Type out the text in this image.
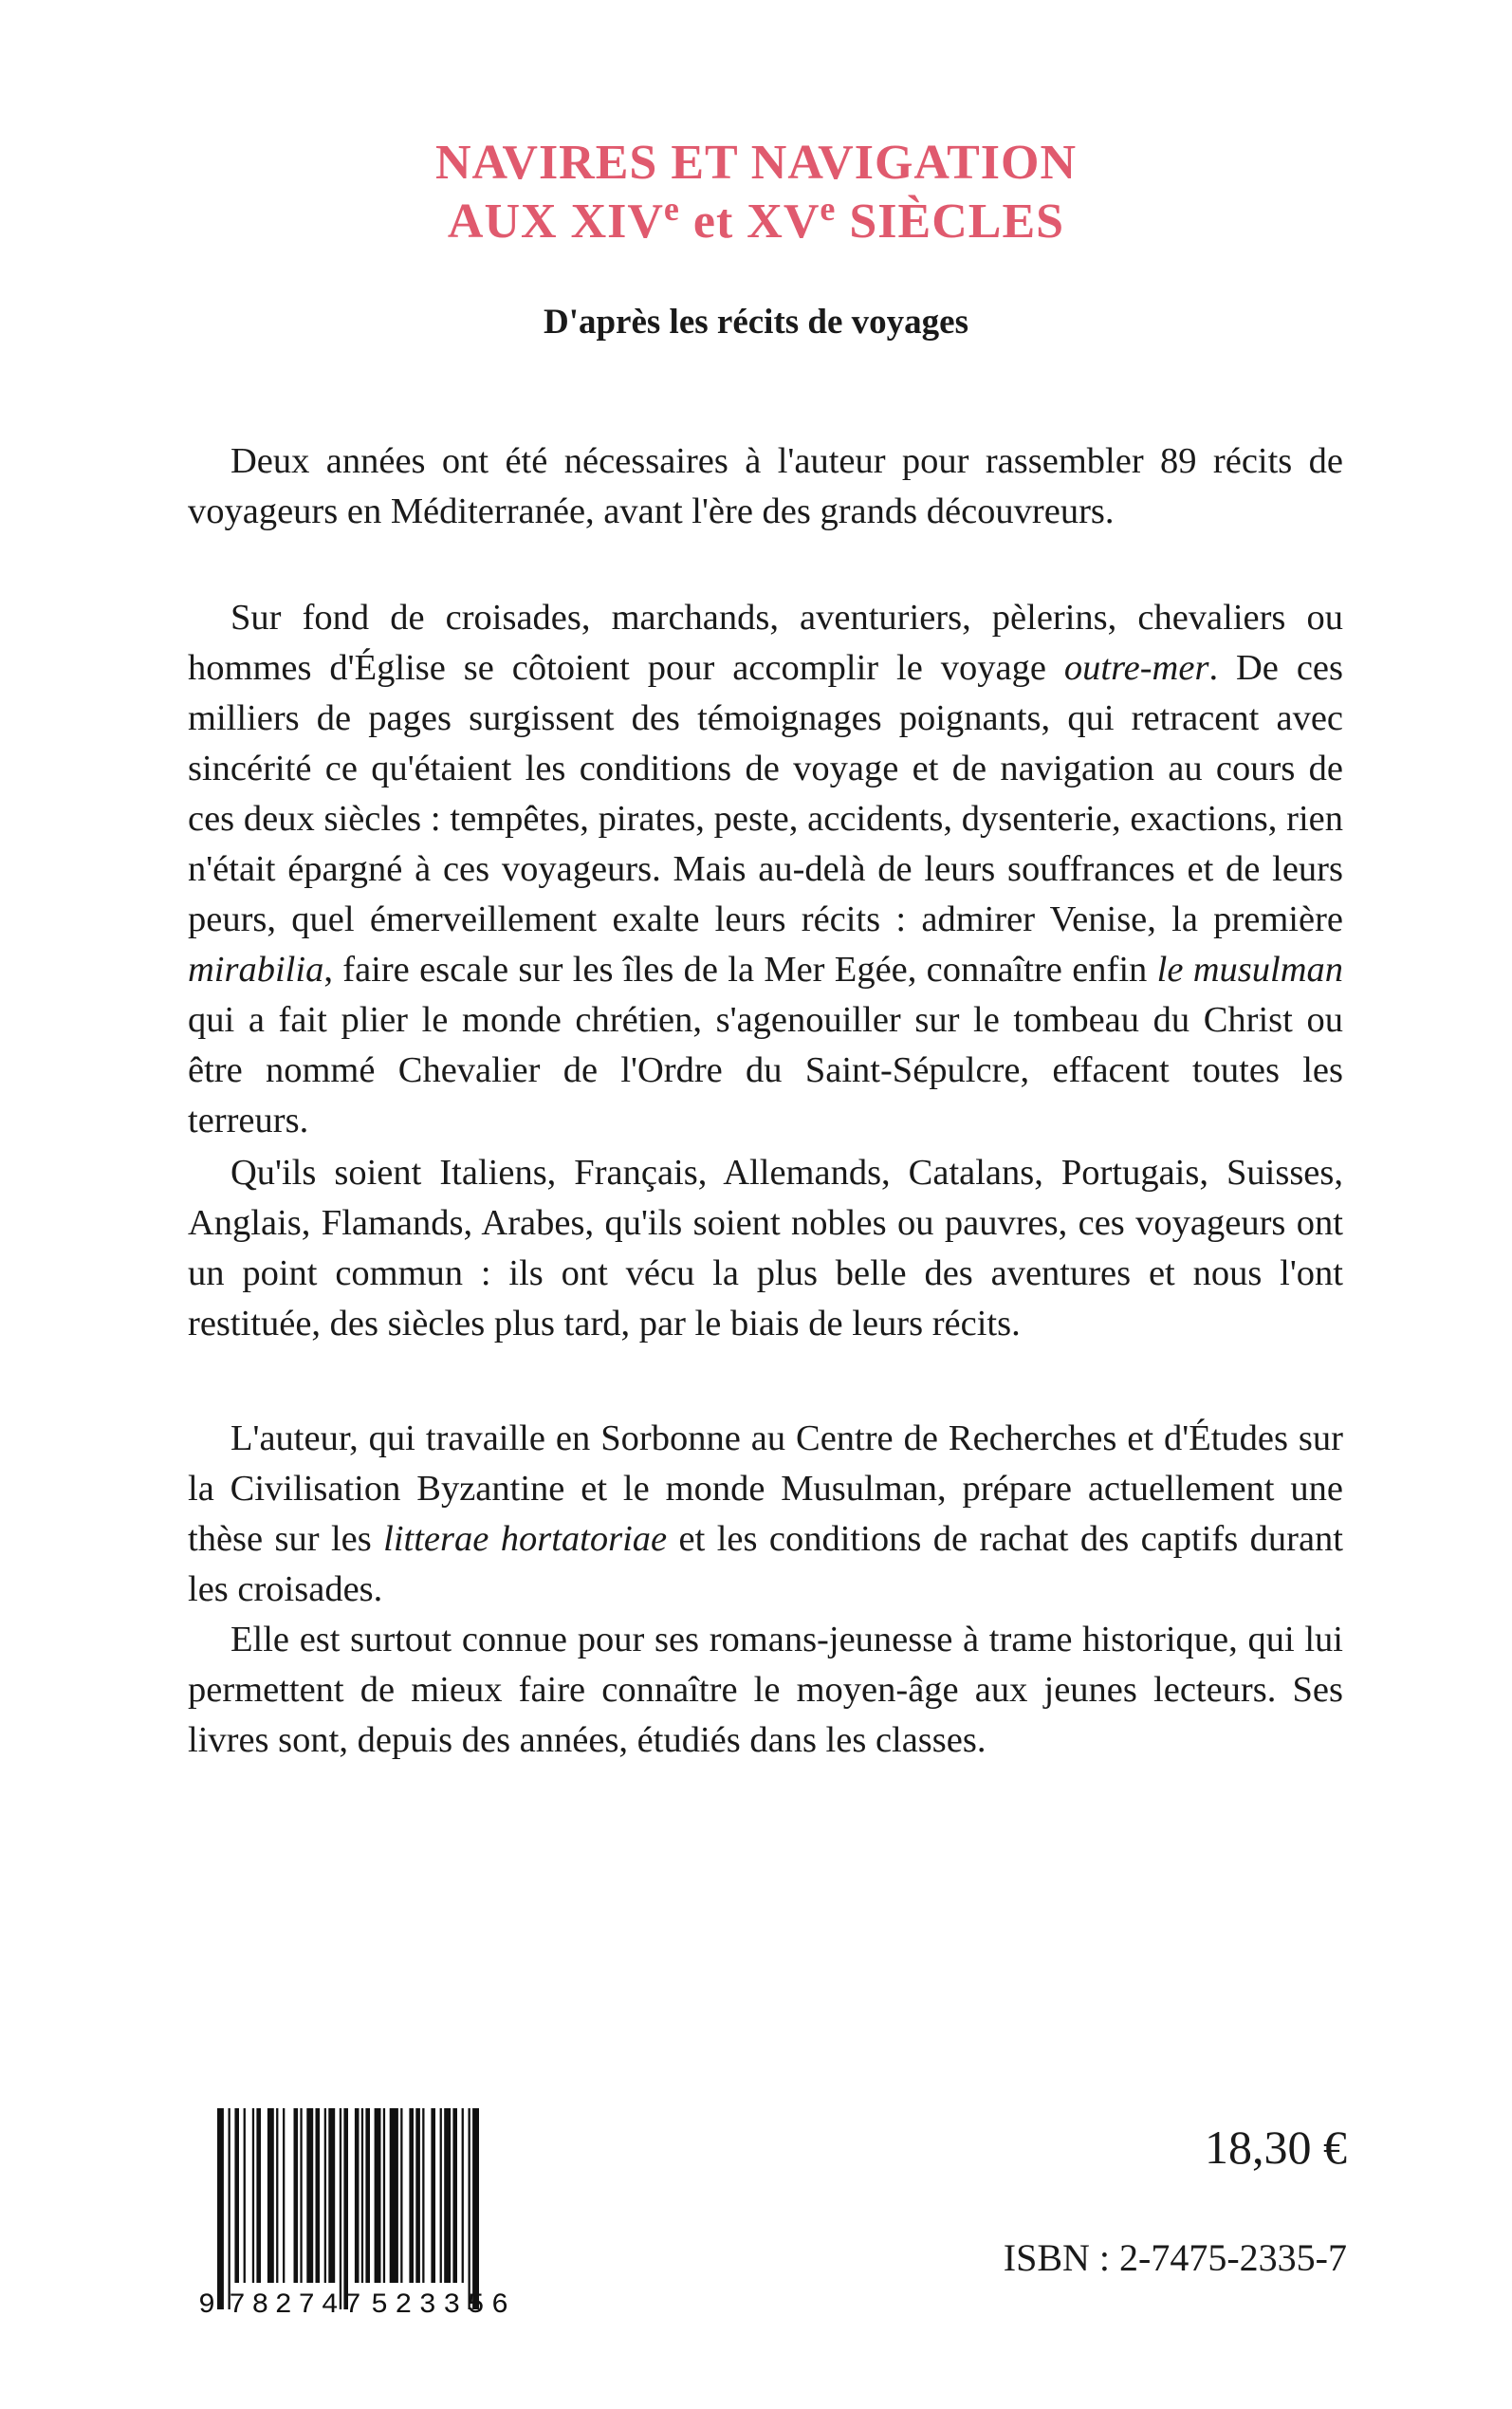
NAVIRES ET NAVIGATION
AUX XIVe et XVe SIÈCLES
D'après les récits de voyages

Deux années ont été nécessaires à l'auteur pour rassembler 89 récits de voyageurs en Méditerranée, avant l'ère des grands découvreurs.

Sur fond de croisades, marchands, aventuriers, pèlerins, chevaliers ou hommes d'Église se côtoient pour accomplir le voyage outre-mer. De ces milliers de pages surgissent des témoignages poignants, qui retracent avec sincérité ce qu'étaient les conditions de voyage et de navigation au cours de ces deux siècles : tempêtes, pirates, peste, accidents, dysenterie, exactions, rien n'était épargné à ces voyageurs. Mais au-delà de leurs souffrances et de leurs peurs, quel émerveillement exalte leurs récits : admirer Venise, la première mirabilia, faire escale sur les îles de la Mer Egée, connaître enfin le musulman qui a fait plier le monde chrétien, s'agenouiller sur le tombeau du Christ ou être nommé Chevalier de l'Ordre du Saint-Sépulcre, effacent toutes les terreurs.

Qu'ils soient Italiens, Français, Allemands, Catalans, Portugais, Suisses, Anglais, Flamands, Arabes, qu'ils soient nobles ou pauvres, ces voyageurs ont un point commun : ils ont vécu la plus belle des aventures et nous l'ont restituée, des siècles plus tard, par le biais de leurs récits.

L'auteur, qui travaille en Sorbonne au Centre de Recherches et d'Études sur la Civilisation Byzantine et le monde Musulman, prépare actuellement une thèse sur les litterae hortatoriae et les conditions de rachat des captifs durant les croisades.

Elle est surtout connue pour ses romans-jeunesse à trame historique, qui lui permettent de mieux faire connaître le moyen-âge aux jeunes lecteurs. Ses livres sont, depuis des années, étudiés dans les classes.

9 782747 523356
18,30 €
ISBN : 2-7475-2335-7
